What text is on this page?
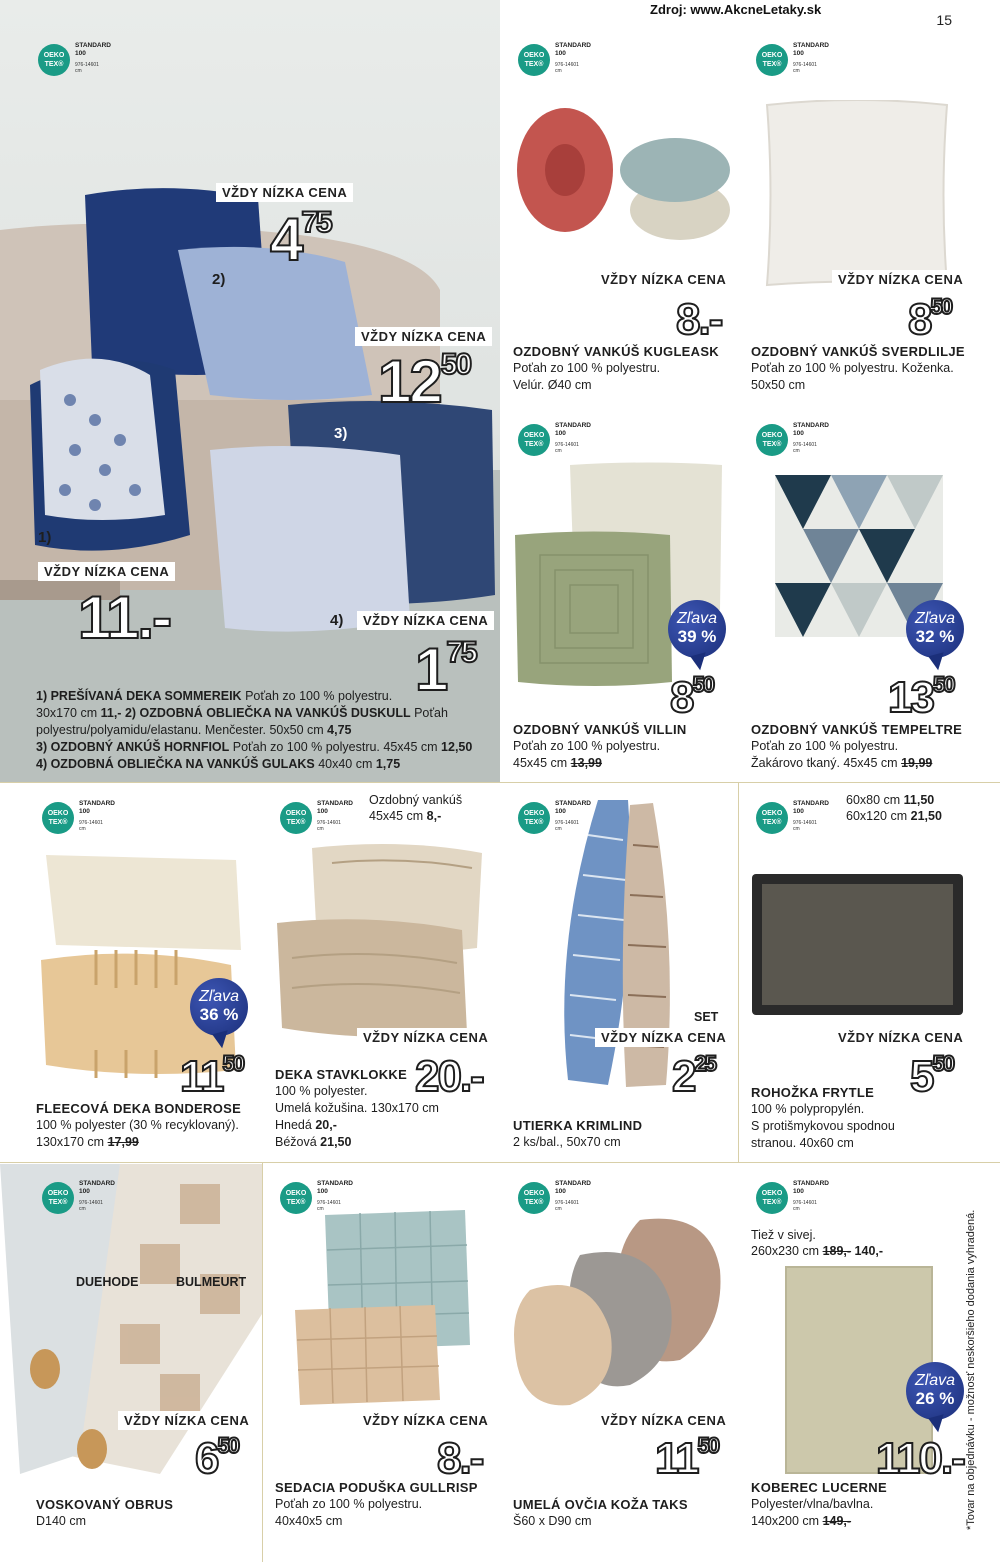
Zdroj: www.AkcneLetaky.sk
15
OEKO
TEX®
STANDARD
100
976-14601
cm
VŽDY NÍZKA CENA
475
2)
VŽDY NÍZKA CENA
1250
3)
1)
VŽDY NÍZKA CENA
11.-	4)	VŽDY NÍZKA CENA
175
1) PREŠÍVANÁ DEKA SOMMEREIK Poťah zo 100 % polyestru.
30x170 cm 11,- 2) OZDOBNÁ OBLIEČKA NA VANKÚŠ DUSKULL Poťah
polyestru/polyamidu/elastanu. Menčester. 50x50 cm 4,75
3) OZDOBNÝ ANKÚŠ HORNFIOL Poťah zo 100 % polyestru. 45x45 cm 12,50
4) OZDOBNÁ OBLIEČKA NA VANKÚŠ GULAKS 40x40 cm 1,75
OEKO
TEX®
STANDARD
100
976-14601
cm
VŽDY NÍZKA CENA
8.-
OZDOBNÝ VANKÚŠ KUGLEASK
Poťah zo 100 % polyestru.
Velúr. Ø40 cm
OEKO
TEX®
STANDARD
100
976-14601
cm
VŽDY NÍZKA CENA
850
OZDOBNÝ VANKÚŠ SVERDLILJE
Poťah zo 100 % polyestru. Koženka.
50x50 cm
OEKO
TEX®
STANDARD
100
976-14601
cm
Zľava
39 %
850
OZDOBNÝ VANKÚŠ VILLIN
Poťah zo 100 % polyestru.
45x45 cm 13,99
OEKO
TEX®
STANDARD
100
976-14601
cm
Zľava
32 %
1350
OZDOBNÝ VANKÚŠ TEMPELTRE
Poťah zo 100 % polyestru.
Žakárovo tkaný. 45x45 cm 19,99
OEKO
TEX®
STANDARD
100
976-14601
cm
Zľava
36 %
1150
FLEECOVÁ DEKA BONDEROSE
100 % polyester (30 % recyklovaný).
130x170 cm 17,99
OEKO
TEX®
STANDARD
100
976-14601
cm
Ozdobný vankúš
45x45 cm 8,-
VŽDY NÍZKA CENA
20.-
DEKA STAVKLOKKE
100 % polyester.
Umelá kožušina. 130x170 cm
Hnedá 20,-
Béžová 21,50
OEKO
TEX®
STANDARD
100
976-14601
cm
SET
VŽDY NÍZKA CENA
225
UTIERKA KRIMLIND
2 ks/bal., 50x70 cm
OEKO
TEX®
STANDARD
100
976-14601
cm
60x80 cm 11,50
60x120 cm 21,50
VŽDY NÍZKA CENA
550
ROHOŽKA FRYTLE
100 % polypropylén.
S protišmykovou spodnou
stranou. 40x60 cm
OEKO
TEX®
STANDARD
100
976-14601
cm
DUEHODE	BULMEURT
VŽDY NÍZKA CENA
650
VOSKOVANÝ OBRUS
D140 cm
OEKO
TEX®
STANDARD
100
976-14601
cm
VŽDY NÍZKA CENA
8.-
SEDACIA PODUŠKA GULLRISP
Poťah zo 100 % polyestru.
40x40x5 cm
OEKO
TEX®
STANDARD
100
976-14601
cm
VŽDY NÍZKA CENA
1150
UMELÁ OVČIA KOŽA TAKS
Š60 x D90 cm
OEKO
TEX®
STANDARD
100
976-14601
cm
Tiež v sivej.
260x230 cm 189,- 140,-
Zľava
26 %
110.-
KOBEREC LUCERNE
Polyester/vlna/bavlna.
140x200 cm 149,-	*Tovar na objednávku - možnosť neskoršieho dodania vyhradená.
